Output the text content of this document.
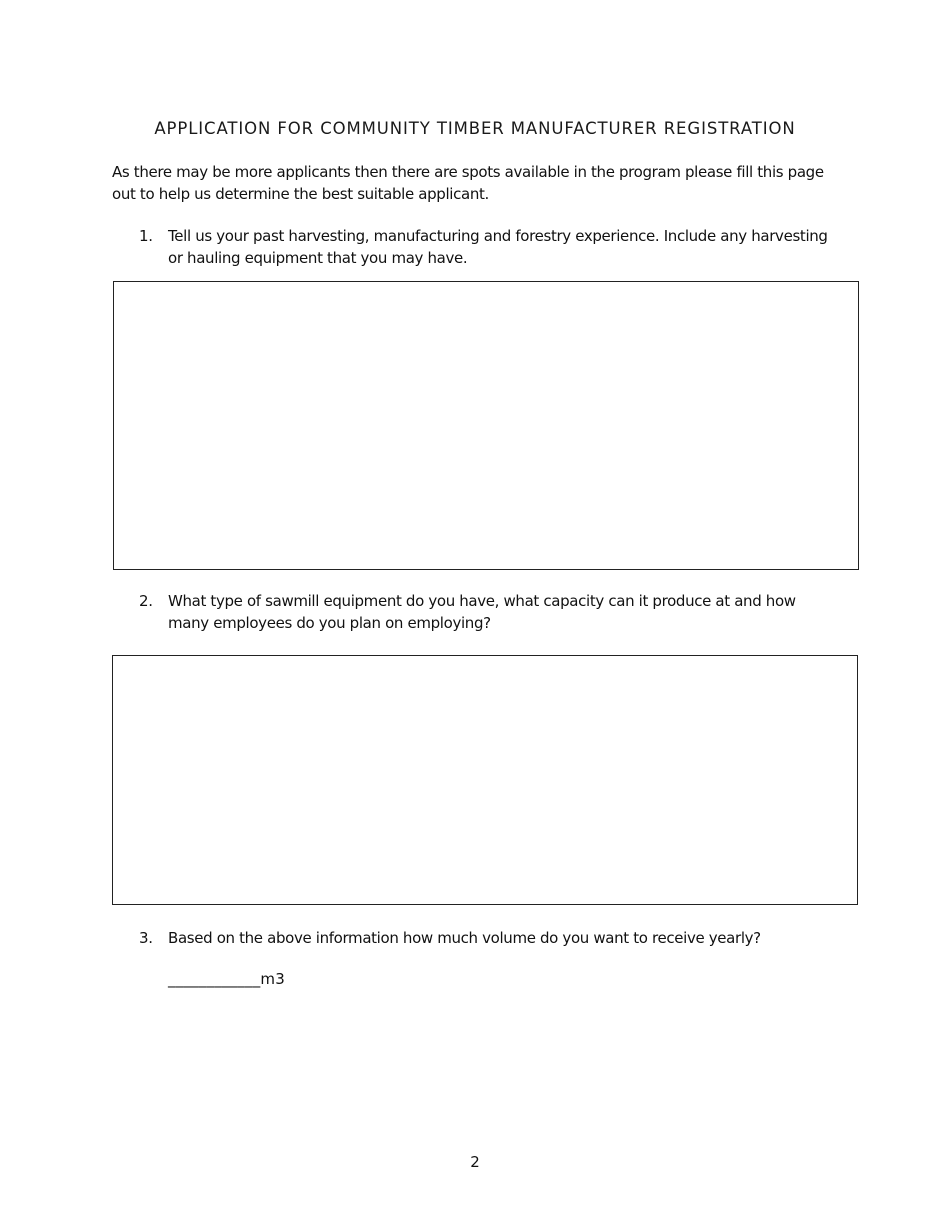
APPLICATION FOR COMMUNITY TIMBER MANUFACTURER REGISTRATION
As there may be more applicants then there are spots available in the program please fill this page out to help us determine the best suitable applicant.
1. Tell us your past harvesting, manufacturing and forestry experience. Include any harvesting or hauling equipment that you may have.
2. What type of sawmill equipment do you have, what capacity can it produce at and how many employees do you plan on employing?
3. Based on the above information how much volume do you want to receive yearly?
____________m3
2
